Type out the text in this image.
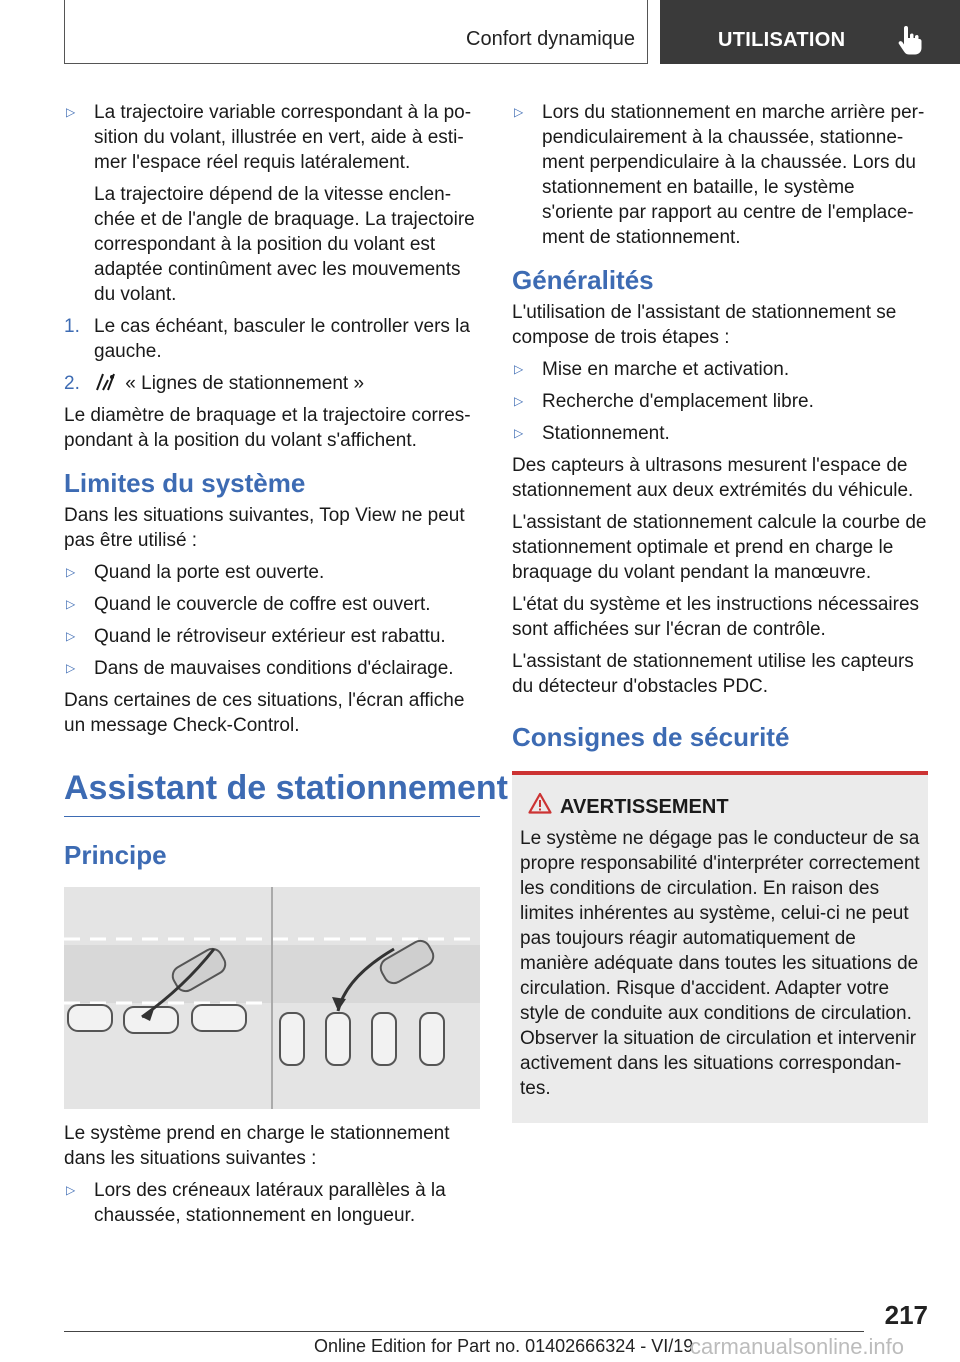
Confort dynamique	UTILISATION
▷ La trajectoire variable correspondant à la position du volant, illustrée en vert, aide à estimer l'espace réel requis latéralement.

La trajectoire dépend de la vitesse enclenchée et de l'angle de braquage. La trajectoire correspondant à la position du volant est adaptée continûment avec les mouvements du volant.

1. Le cas échéant, basculer le controller vers la gauche.
2. « Lignes de stationnement »

Le diamètre de braquage et la trajectoire correspondant à la position du volant s'affichent.

Limites du système

Dans les situations suivantes, Top View ne peut pas être utilisé :

▷ Quand la porte est ouverte.
▷ Quand le couvercle de coffre est ouvert.
▷ Quand le rétroviseur extérieur est rabattu.
▷ Dans de mauvaises conditions d'éclairage.

Dans certaines de ces situations, l'écran affiche un message Check-Control.

Assistant de stationnement
Principe

Le système prend en charge le stationnement dans les situations suivantes :

▷ Lors des créneaux latéraux parallèles à la chaussée, stationnement en longueur.
▷ Lors du stationnement en marche arrière perpendiculairement à la chaussée, stationnement perpendiculaire à la chaussée. Lors du stationnement en bataille, le système s'oriente par rapport au centre de l'emplacement de stationnement.
Généralités

L'utilisation de l'assistant de stationnement se compose de trois étapes :

▷ Mise en marche et activation.
▷ Recherche d'emplacement libre.
▷ Stationnement.

Des capteurs à ultrasons mesurent l'espace de stationnement aux deux extrémités du véhicule.

L'assistant de stationnement calcule la courbe de stationnement optimale et prend en charge le braquage du volant pendant la manœuvre.

L'état du système et les instructions nécessaires sont affichées sur l'écran de contrôle.

L'assistant de stationnement utilise les capteurs du détecteur d'obstacles PDC.

Consignes de sécurité
AVERTISSEMENT

Le système ne dégage pas le conducteur de sa propre responsabilité d'interpréter correctement les conditions de circulation. En raison des limites inhérentes au système, celui-ci ne peut pas toujours réagir automatiquement de manière adéquate dans toutes les situations de circulation. Risque d'accident. Adapter votre style de conduite aux conditions de circulation. Observer la situation de circulation et intervenir activement dans les situations correspondantes.

217
Online Edition for Part no. 01402666324 - VI/19
carmanualsonline.info
